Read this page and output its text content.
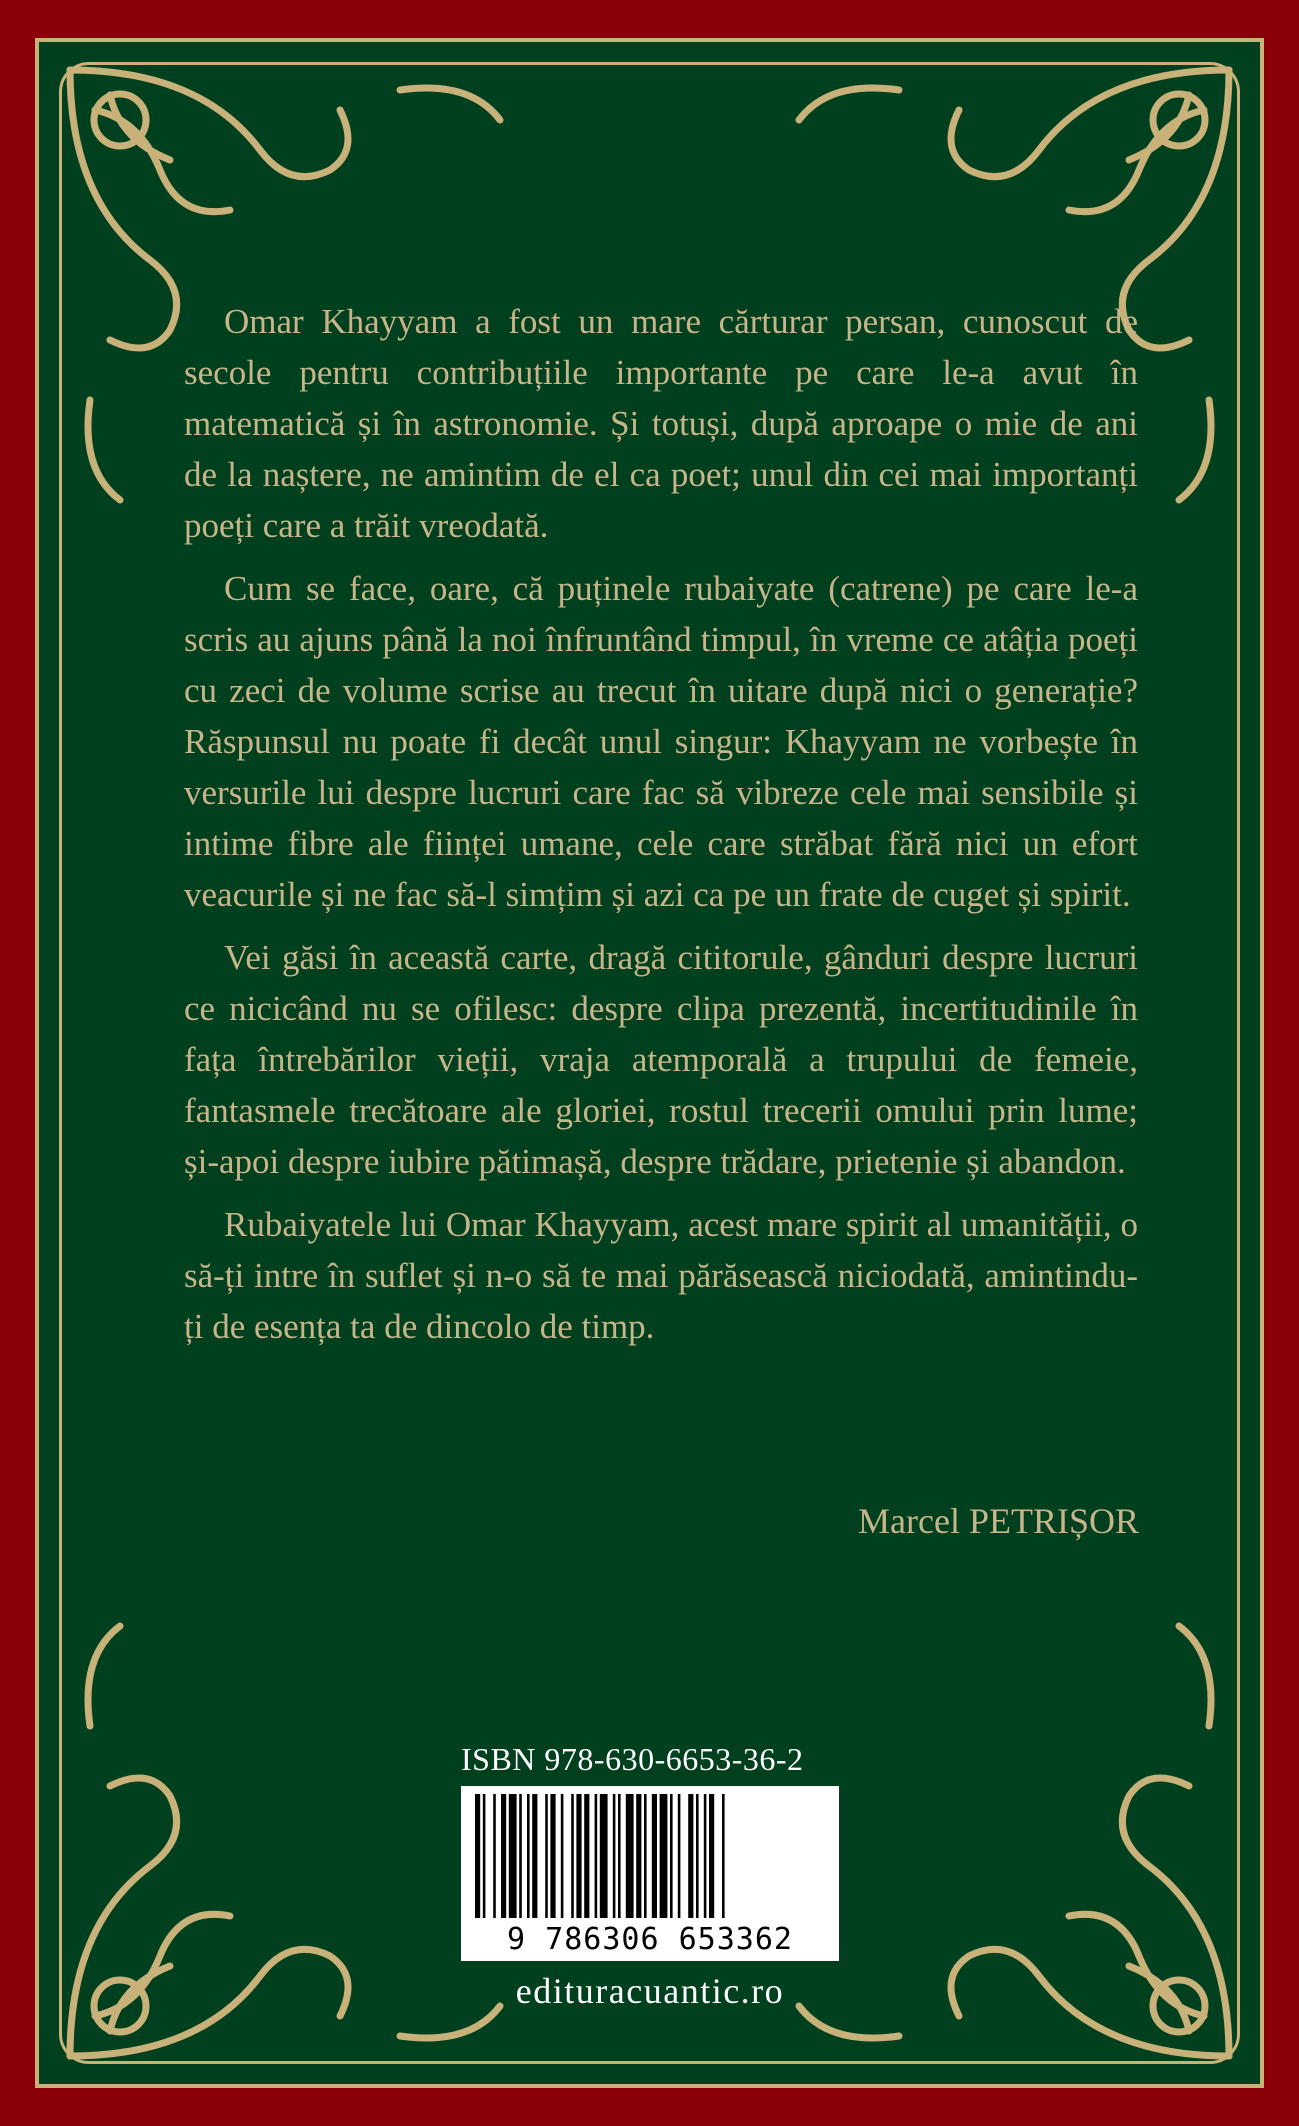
Omar Khayyam a fost un mare cărturar persan, cunoscut de secole pentru contribuțiile importante pe care le-a avut în matematică și în astronomie. Și totuși, după aproape o mie de ani de la naștere, ne amintim de el ca poet; unul din cei mai importanți poeți care a trăit vreodată.

Cum se face, oare, că puținele rubaiyate (catrene) pe care le-a scris au ajuns până la noi înfruntând timpul, în vreme ce atâția poeți cu zeci de volume scrise au trecut în uitare după nici o generație? Răspunsul nu poate fi decât unul singur: Khayyam ne vorbește în versurile lui despre lucruri care fac să vibreze cele mai sensibile și intime fibre ale ființei umane, cele care străbat fără nici un efort veacurile și ne fac să-l simțim și azi ca pe un frate de cuget și spirit.

Vei găsi în această carte, dragă cititorule, gânduri despre lucruri ce nicicând nu se ofilesc: despre clipa prezentă, incertitudinile în fața întrebărilor vieții, vraja atemporală a trupului de femeie, fantasmele trecătoare ale gloriei, rostul trecerii omului prin lume; și-apoi despre iubire pătimașă, despre trădare, prietenie și abandon.

Rubaiyatele lui Omar Khayyam, acest mare spirit al umanității, o să-ți intre în suflet și n-o să te mai părăsească niciodată, amintindu-ți de esența ta de dincolo de timp.

Marcel PETRIȘOR
ISBN 978-630-6653-36-2
9 786306 653362
edituracuantic.ro
